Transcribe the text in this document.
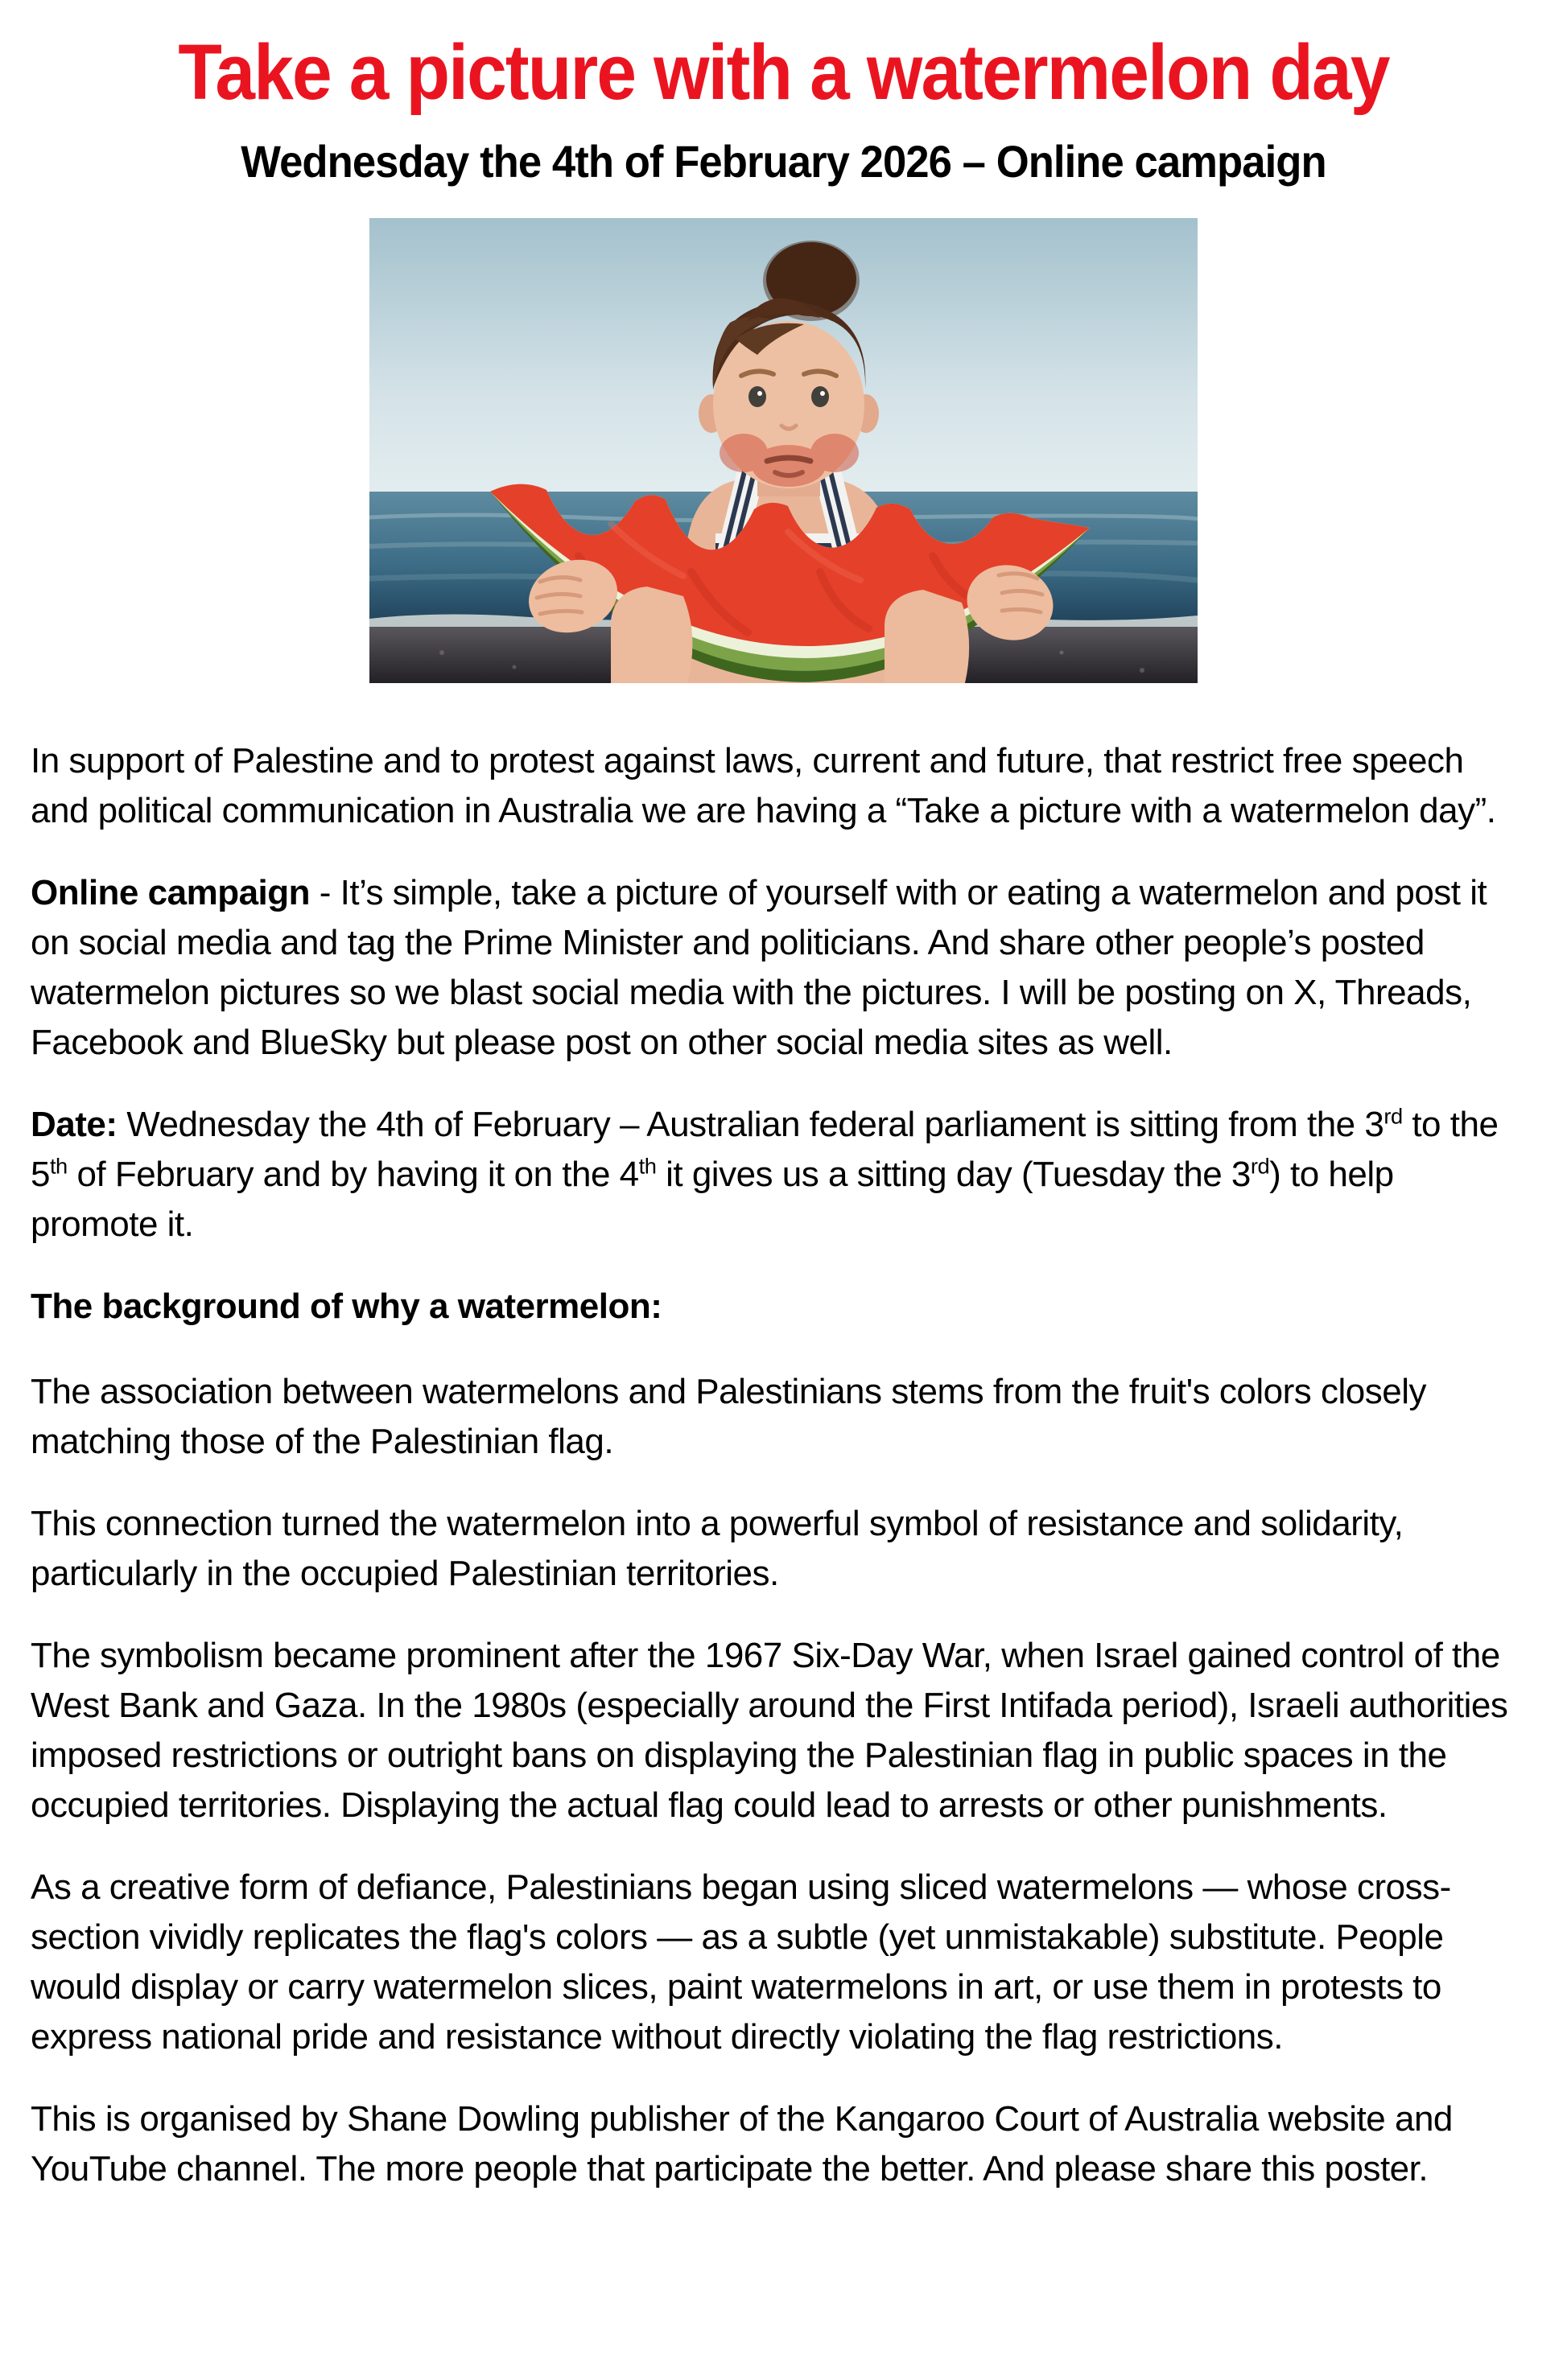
Take a picture with a watermelon day
Wednesday the 4th of February 2026 – Online campaign

In support of Palestine and to protest against laws, current and future, that restrict free speech and political communication in Australia we are having a “Take a picture with a watermelon day”.

Online campaign - It’s simple, take a picture of yourself with or eating a watermelon and post it on social media and tag the Prime Minister and politicians. And share other people’s posted watermelon pictures so we blast social media with the pictures. I will be posting on X, Threads, Facebook and BlueSky but please post on other social media sites as well.

Date: Wednesday the 4th of February – Australian federal parliament is sitting from the 3rd to the 5th of February and by having it on the 4th it gives us a sitting day (Tuesday the 3rd) to help promote it.

The background of why a watermelon:

The association between watermelons and Palestinians stems from the fruit's colors closely matching those of the Palestinian flag.

This connection turned the watermelon into a powerful symbol of resistance and solidarity, particularly in the occupied Palestinian territories.

The symbolism became prominent after the 1967 Six-Day War, when Israel gained control of the West Bank and Gaza. In the 1980s (especially around the First Intifada period), Israeli authorities imposed restrictions or outright bans on displaying the Palestinian flag in public spaces in the occupied territories. Displaying the actual flag could lead to arrests or other punishments.

As a creative form of defiance, Palestinians began using sliced watermelons — whose cross-section vividly replicates the flag's colors — as a subtle (yet unmistakable) substitute. People would display or carry watermelon slices, paint watermelons in art, or use them in protests to express national pride and resistance without directly violating the flag restrictions.

This is organised by Shane Dowling publisher of the Kangaroo Court of Australia website and YouTube channel. The more people that participate the better. And please share this poster.
